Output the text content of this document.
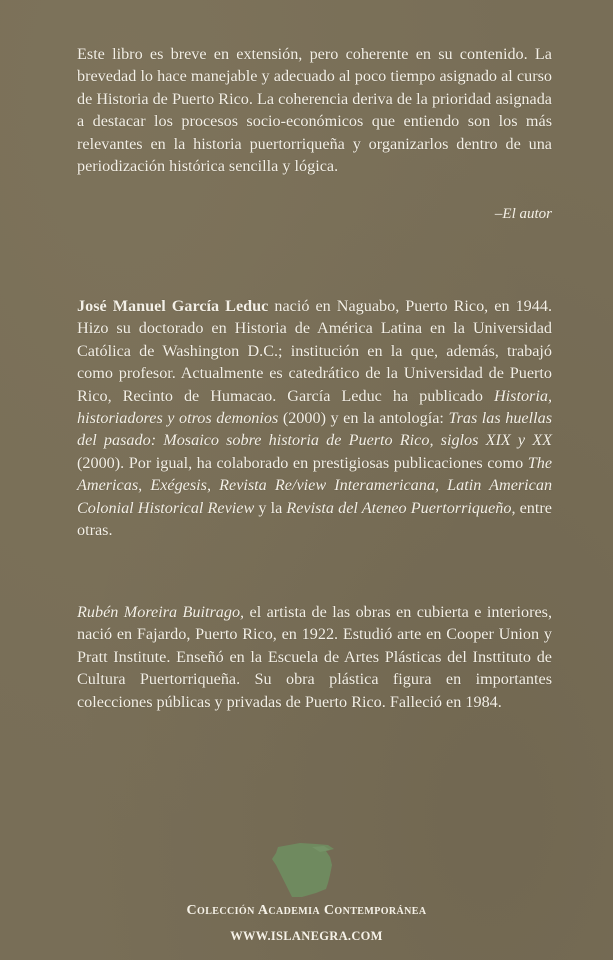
Este libro es breve en extensión, pero coherente en su contenido. La brevedad lo hace manejable y adecuado al poco tiempo asignado al curso de Historia de Puerto Rico. La coherencia deriva de la prioridad asignada a destacar los procesos socio-económicos que entiendo son los más relevantes en la historia puertorriqueña y organizarlos dentro de una periodización histórica sencilla y lógica.

–El autor

José Manuel García Leduc nació en Naguabo, Puerto Rico, en 1944. Hizo su doctorado en Historia de América Latina en la Universidad Católica de Washington D.C.; institución en la que, además, trabajó como profesor. Actualmente es catedrático de la Universidad de Puerto Rico, Recinto de Humacao. García Leduc ha publicado Historia, historiadores y otros demonios (2000) y en la antología: Tras las huellas del pasado: Mosaico sobre historia de Puerto Rico, siglos XIX y XX (2000). Por igual, ha colaborado en prestigiosas publicaciones como The Americas, Exégesis, Revista Re/view Interamericana, Latin American Colonial Historical Review y la Revista del Ateneo Puertorriqueño, entre otras.

Rubén Moreira Buitrago, el artista de las obras en cubierta e interiores, nació en Fajardo, Puerto Rico, en 1922. Estudió arte en Cooper Union y Pratt Institute. Enseñó en la Escuela de Artes Plásticas del Insttituto de Cultura Puertorriqueña. Su obra plástica figura en importantes colecciones públicas y privadas de Puerto Rico. Falleció en 1984.

Colección Academia Contemporánea
WWW.ISLANEGRA.COM
